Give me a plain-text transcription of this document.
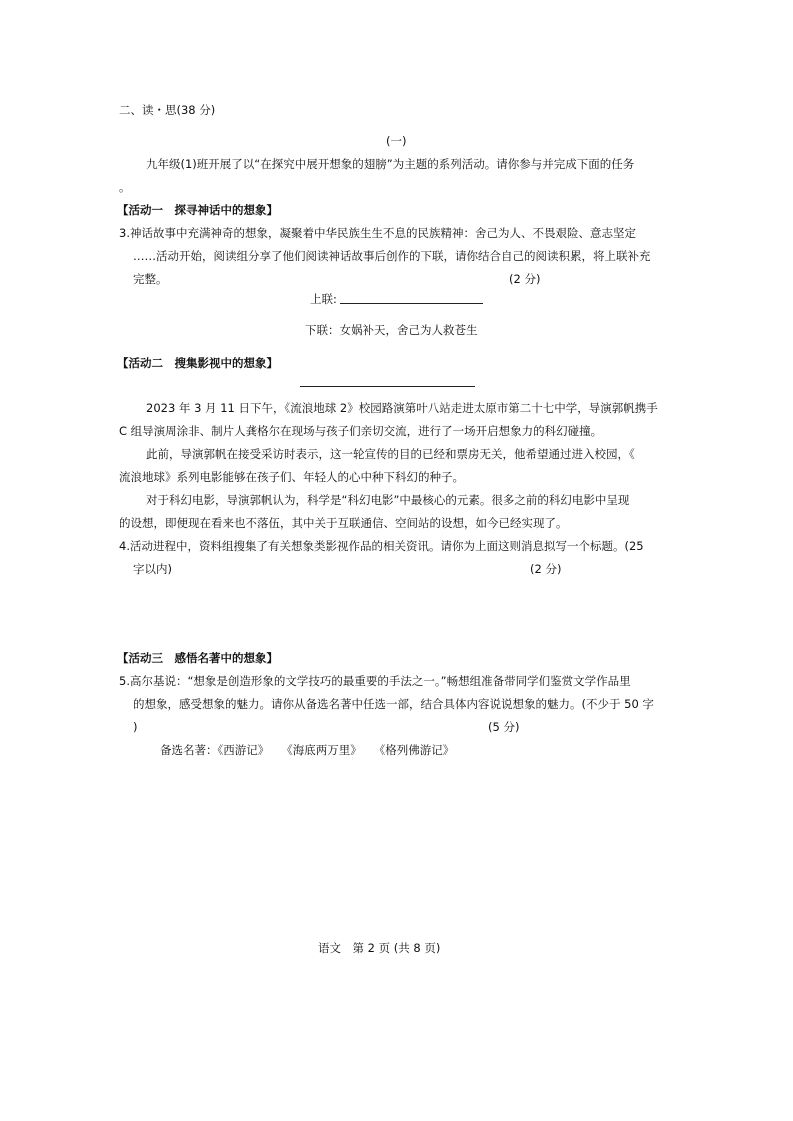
二、读・思(38 分)
(一)
九年级(1)班开展了以“在探究中展开想象的翅膀”为主题的系列活动。请你参与并完成下面的任务
。
【活动一　探寻神话中的想象】
3.神话故事中充满神奇的想象，凝聚着中华民族生生不息的民族精神：舍己为人、不畏艰险、意志坚定
……活动开始，阅读组分享了他们阅读神话故事后创作的下联，请你结合自己的阅读积累，将上联补充
完整。	(2 分)
上联:
下联：女娲补天，舍己为人救苍生
【活动二　搜集影视中的想象】
2023 年 3 月 11 日下午，《流浪地球 2》校园路演第叶八站走进太原市第二十七中学，导演郭帆携手
C 组导演周涂非、制片人龚格尔在现场与孩子们亲切交流，进行了一场开启想象力的科幻碰撞。
此前，导演郭帆在接受采访时表示，这一轮宣传的目的已经和票房无关，他希望通过进入校园，《
流浪地球》系列电影能够在孩子们、年轻人的心中种下科幻的种子。
对于科幻电影，导演郭帆认为，科学是“科幻电影”中最核心的元素。很多之前的科幻电影中呈现
的设想，即便现在看来也不落伍，其中关于互联通信、空间站的设想，如今已经实现了。
4.活动进程中，资料组搜集了有关想象类影视作品的相关资讯。请你为上面这则消息拟写一个标题。(25
字以内)	(2 分)
【活动三　感悟名著中的想象】
5.高尔基说：“想象是创造形象的文学技巧的最重要的手法之一。”畅想组准备带同学们鉴赏文学作品里
的想象，感受想象的魅力。请你从备选名著中任选一部，结合具体内容说说想象的魅力。(不少于 50 字
)	(5 分)
备选名著：《西游记》 《海底两万里》 《格列佛游记》
语文　第 2 页 (共 8 页)
